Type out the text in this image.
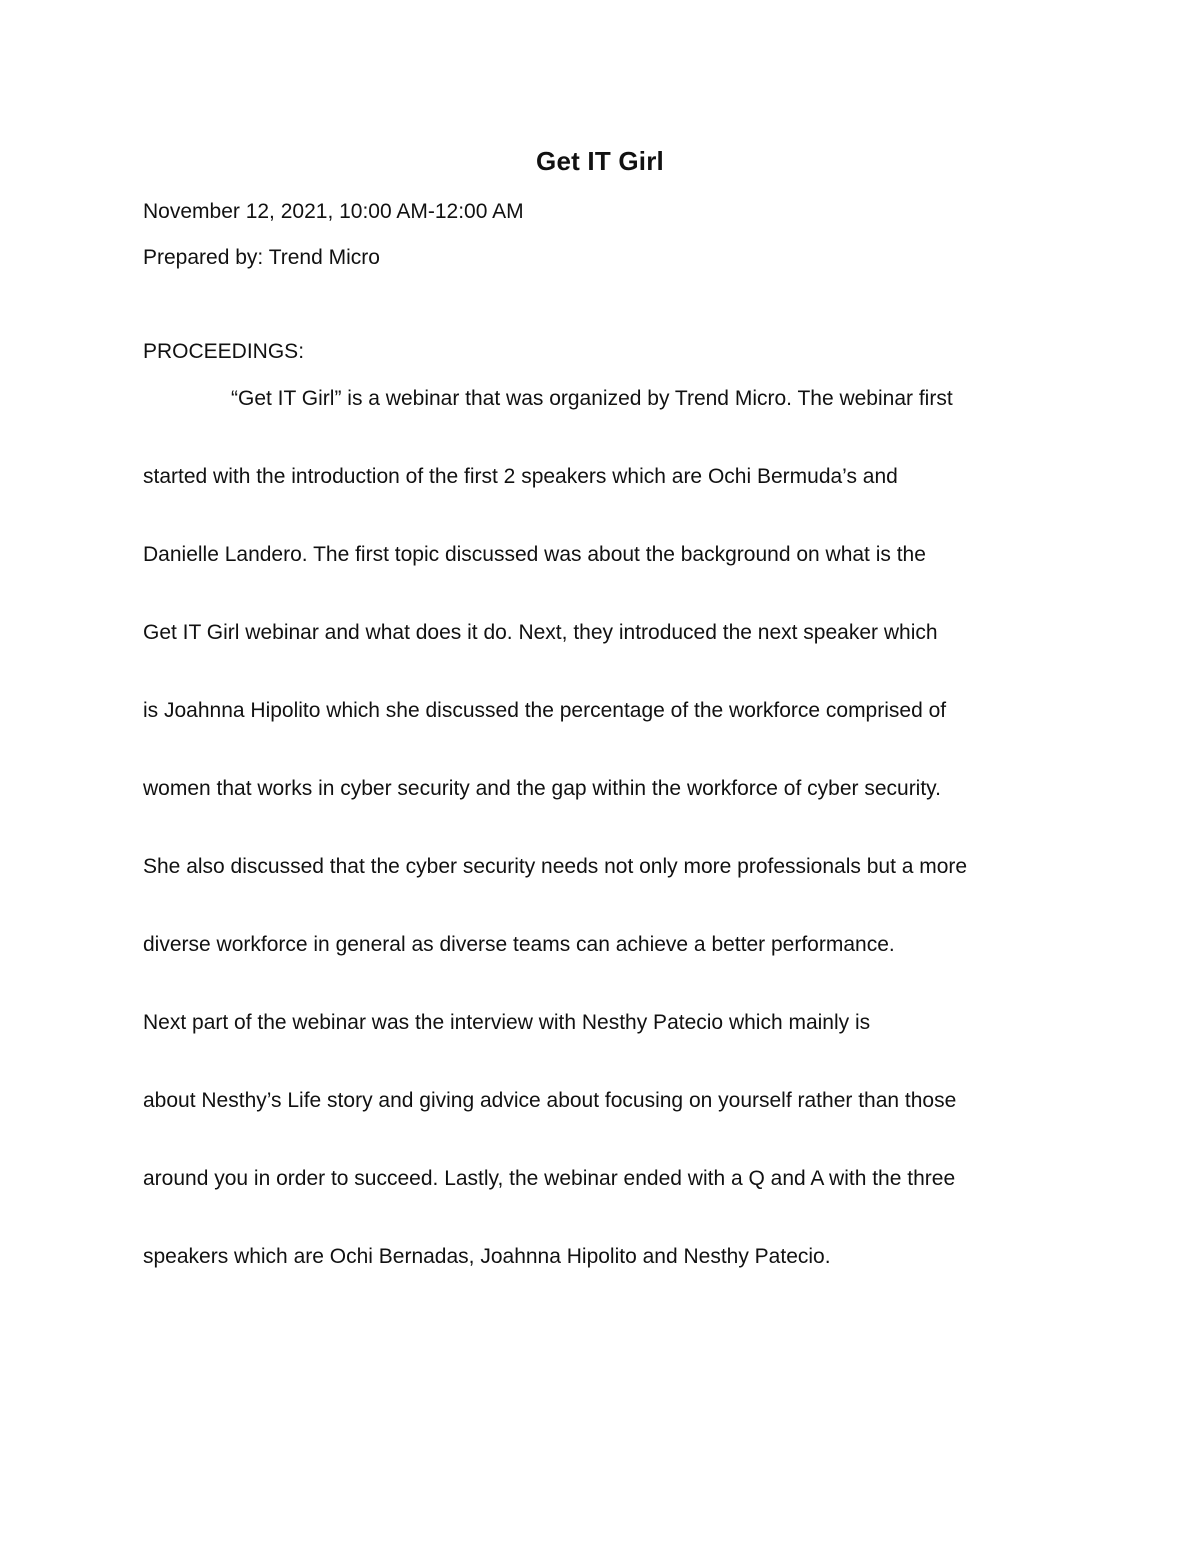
Get IT Girl
November 12, 2021, 10:00 AM-12:00 AM
Prepared by: Trend Micro
PROCEEDINGS:
“Get IT Girl” is a webinar that was organized by Trend Micro. The webinar first
started with the introduction of the first 2 speakers which are Ochi Bermuda’s and
Danielle Landero. The first topic discussed was about the background on what is the
Get IT Girl webinar and what does it do. Next, they introduced the next speaker which
is Joahnna Hipolito which she discussed the percentage of the workforce comprised of
women that works in cyber security and the gap within the workforce of cyber security.
She also discussed that the cyber security needs not only more professionals but a more
diverse workforce in general as diverse teams can achieve a better performance.
Next part of the webinar was the interview with Nesthy Patecio which mainly is
about Nesthy’s Life story and giving advice about focusing on yourself rather than those
around you in order to succeed. Lastly, the webinar ended with a Q and A with the three
speakers which are Ochi Bernadas, Joahnna Hipolito and Nesthy Patecio.
